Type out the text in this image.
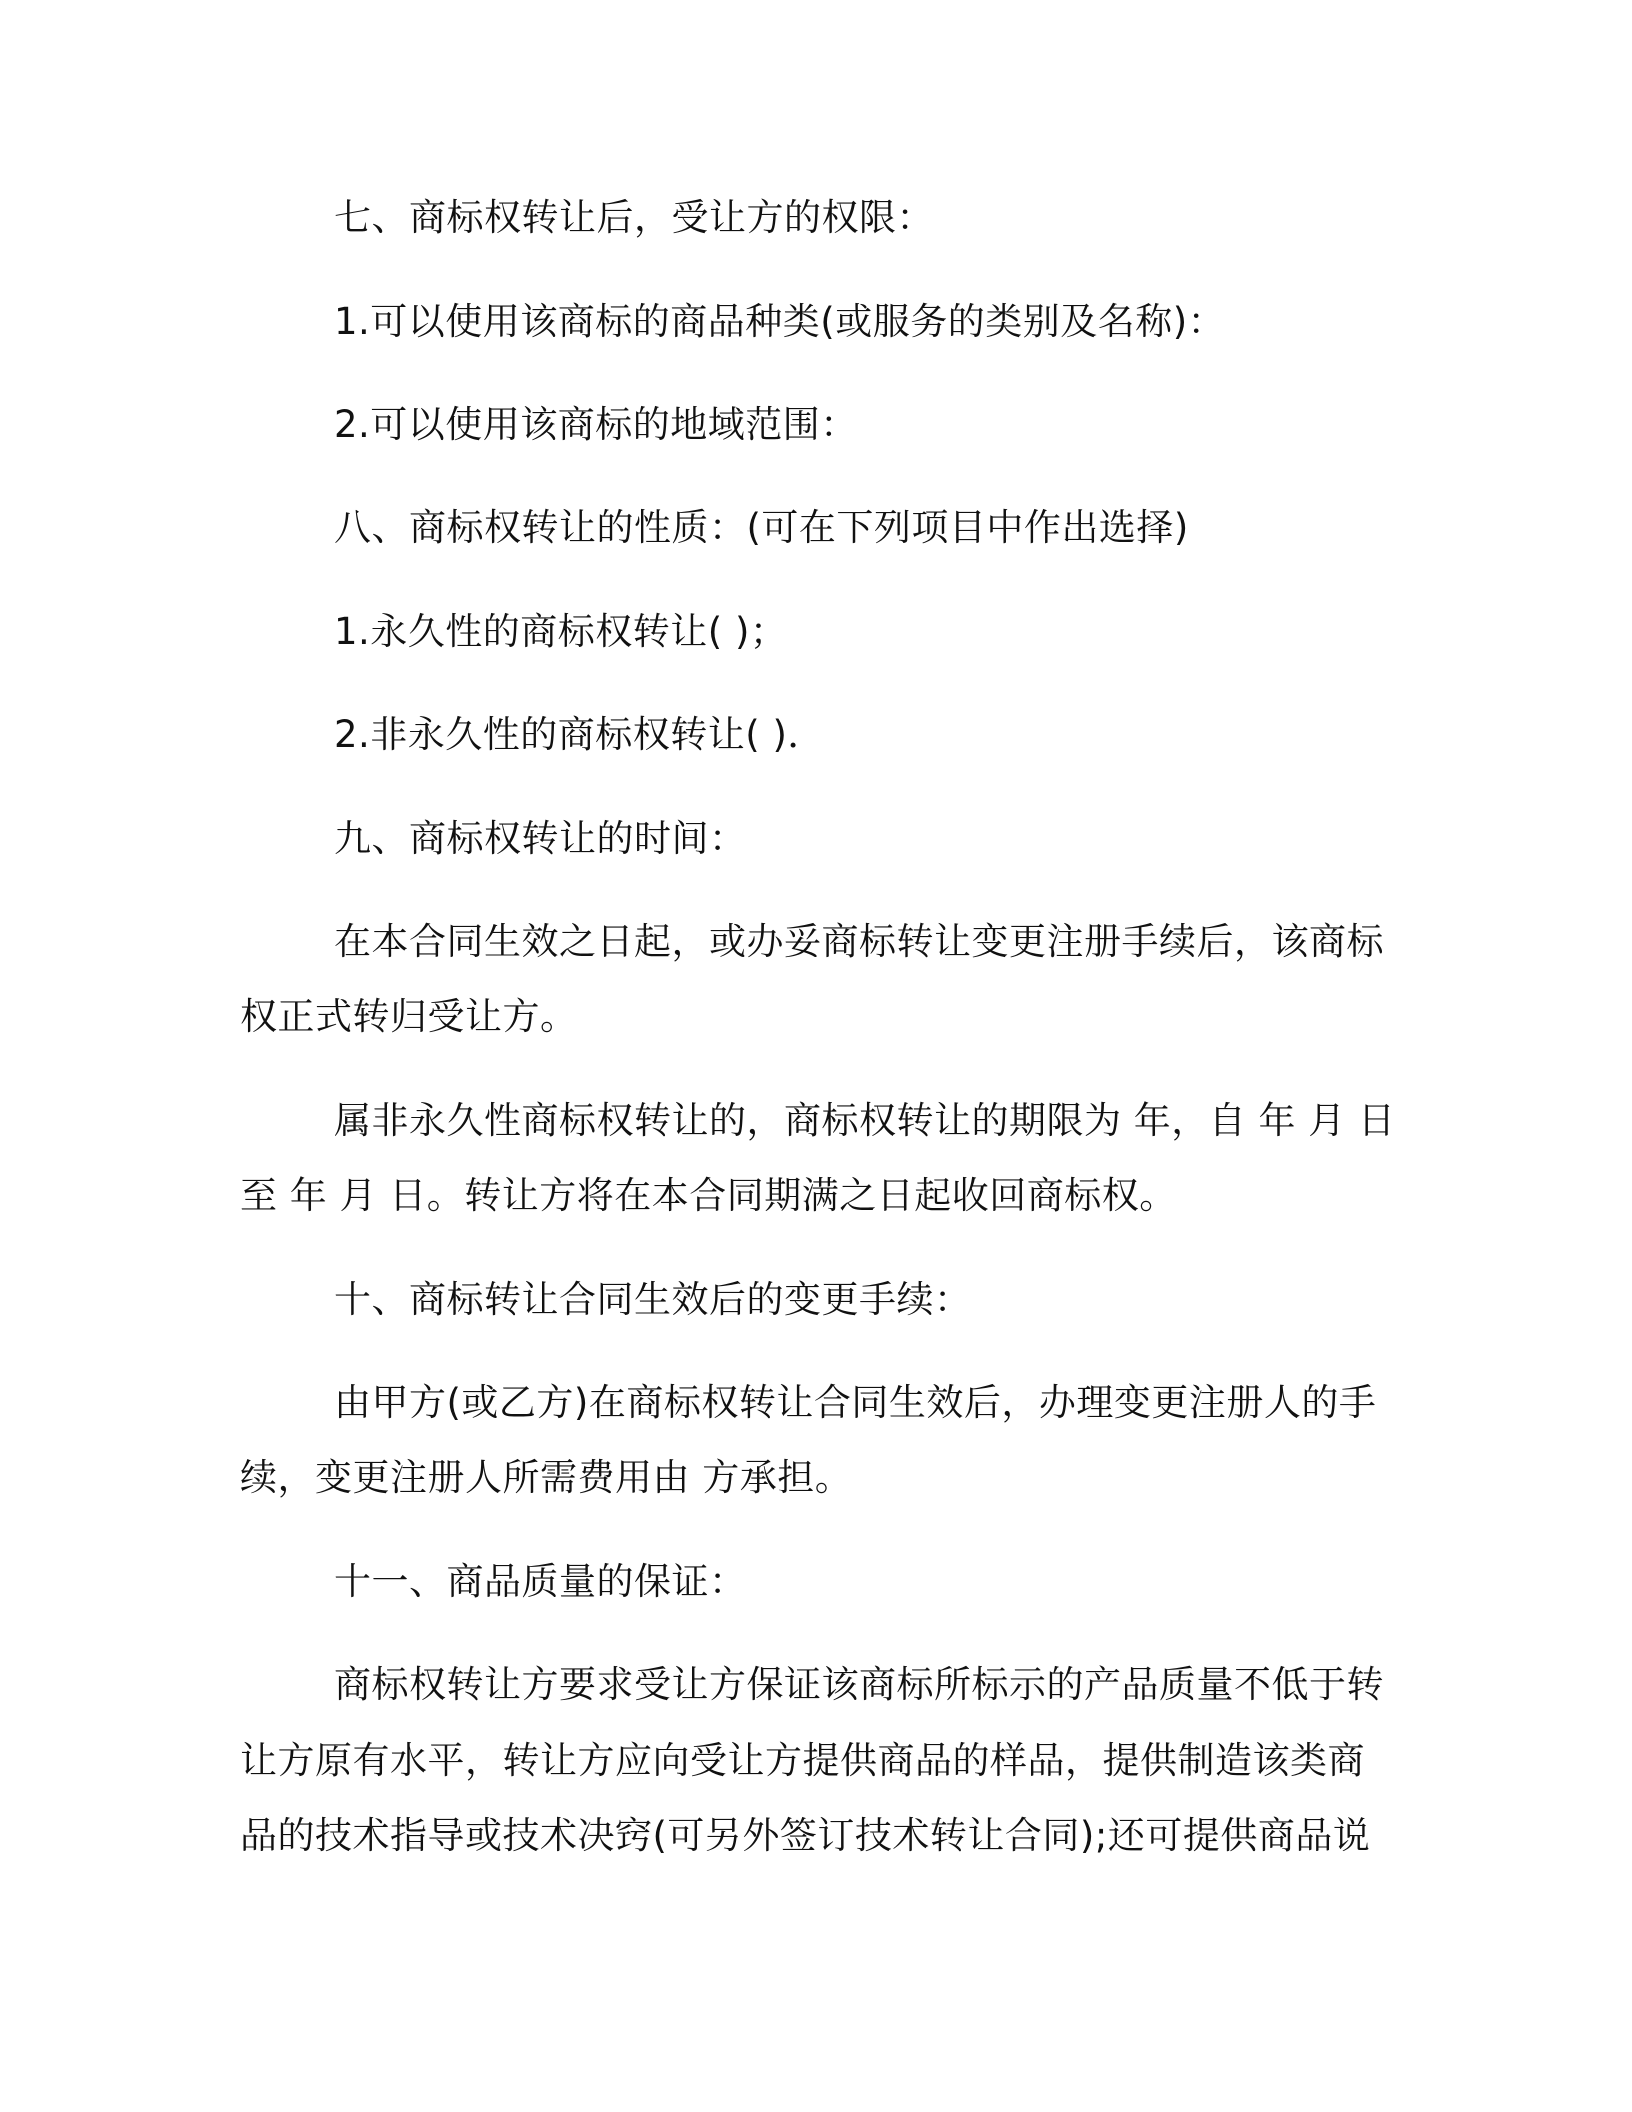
七、商标权转让后，受让方的权限：
1.可以使用该商标的商品种类(或服务的类别及名称)：
2.可以使用该商标的地域范围：
八、商标权转让的性质：(可在下列项目中作出选择)
1.永久性的商标权转让( )；
2.非永久性的商标权转让( )．
九、商标权转让的时间：
在本合同生效之日起，或办妥商标转让变更注册手续后，该商标
权正式转归受让方。
属非永久性商标权转让的，商标权转让的期限为 年，自 年 月 日
至 年 月 日。转让方将在本合同期满之日起收回商标权。
十、商标转让合同生效后的变更手续：
由甲方(或乙方)在商标权转让合同生效后，办理变更注册人的手
续，变更注册人所需费用由 方承担。
十一、商品质量的保证：
商标权转让方要求受让方保证该商标所标示的产品质量不低于转
让方原有水平，转让方应向受让方提供商品的样品，提供制造该类商
品的技术指导或技术决窍(可另外签订技术转让合同);还可提供商品说
